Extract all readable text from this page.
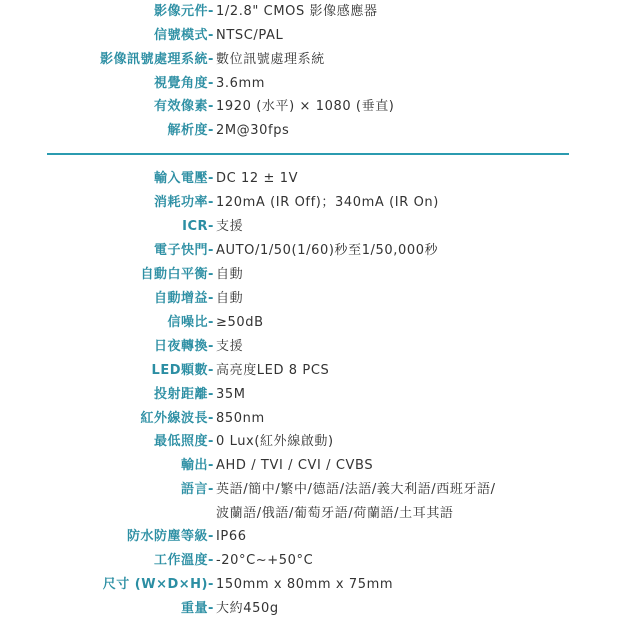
影像元件 - 1/2.8" CMOS 影像感應器
信號模式 - NTSC/PAL
影像訊號處理系統 - 數位訊號處理系統
視覺角度 - 3.6mm
有效像素 - 1920 (水平) × 1080 (垂直)
解析度 - 2M@30fps
輸入電壓 - DC 12 ± 1V
消耗功率 - 120mA (IR Off)；340mA (IR On)
ICR - 支援
電子快門 - AUTO/1/50(1/60)秒至1/50,000秒
自動白平衡 - 自動
自動增益 - 自動
信噪比 - ≥50dB
日夜轉換 - 支援
LED顆數 - 高亮度LED 8 PCS
投射距離 - 35M
紅外線波長 - 850nm
最低照度 - 0 Lux(紅外線啟動)
輸出 - AHD / TVI / CVI / CVBS
語言 - 英語/簡中/繁中/德語/法語/義大利語/西班牙語/
波蘭語/俄語/葡萄牙語/荷蘭語/土耳其語
防水防塵等級 - IP66
工作溫度 - -20°C~+50°C
尺寸 (W×D×H) - 150mm x 80mm x 75mm
重量 - 大約450g
